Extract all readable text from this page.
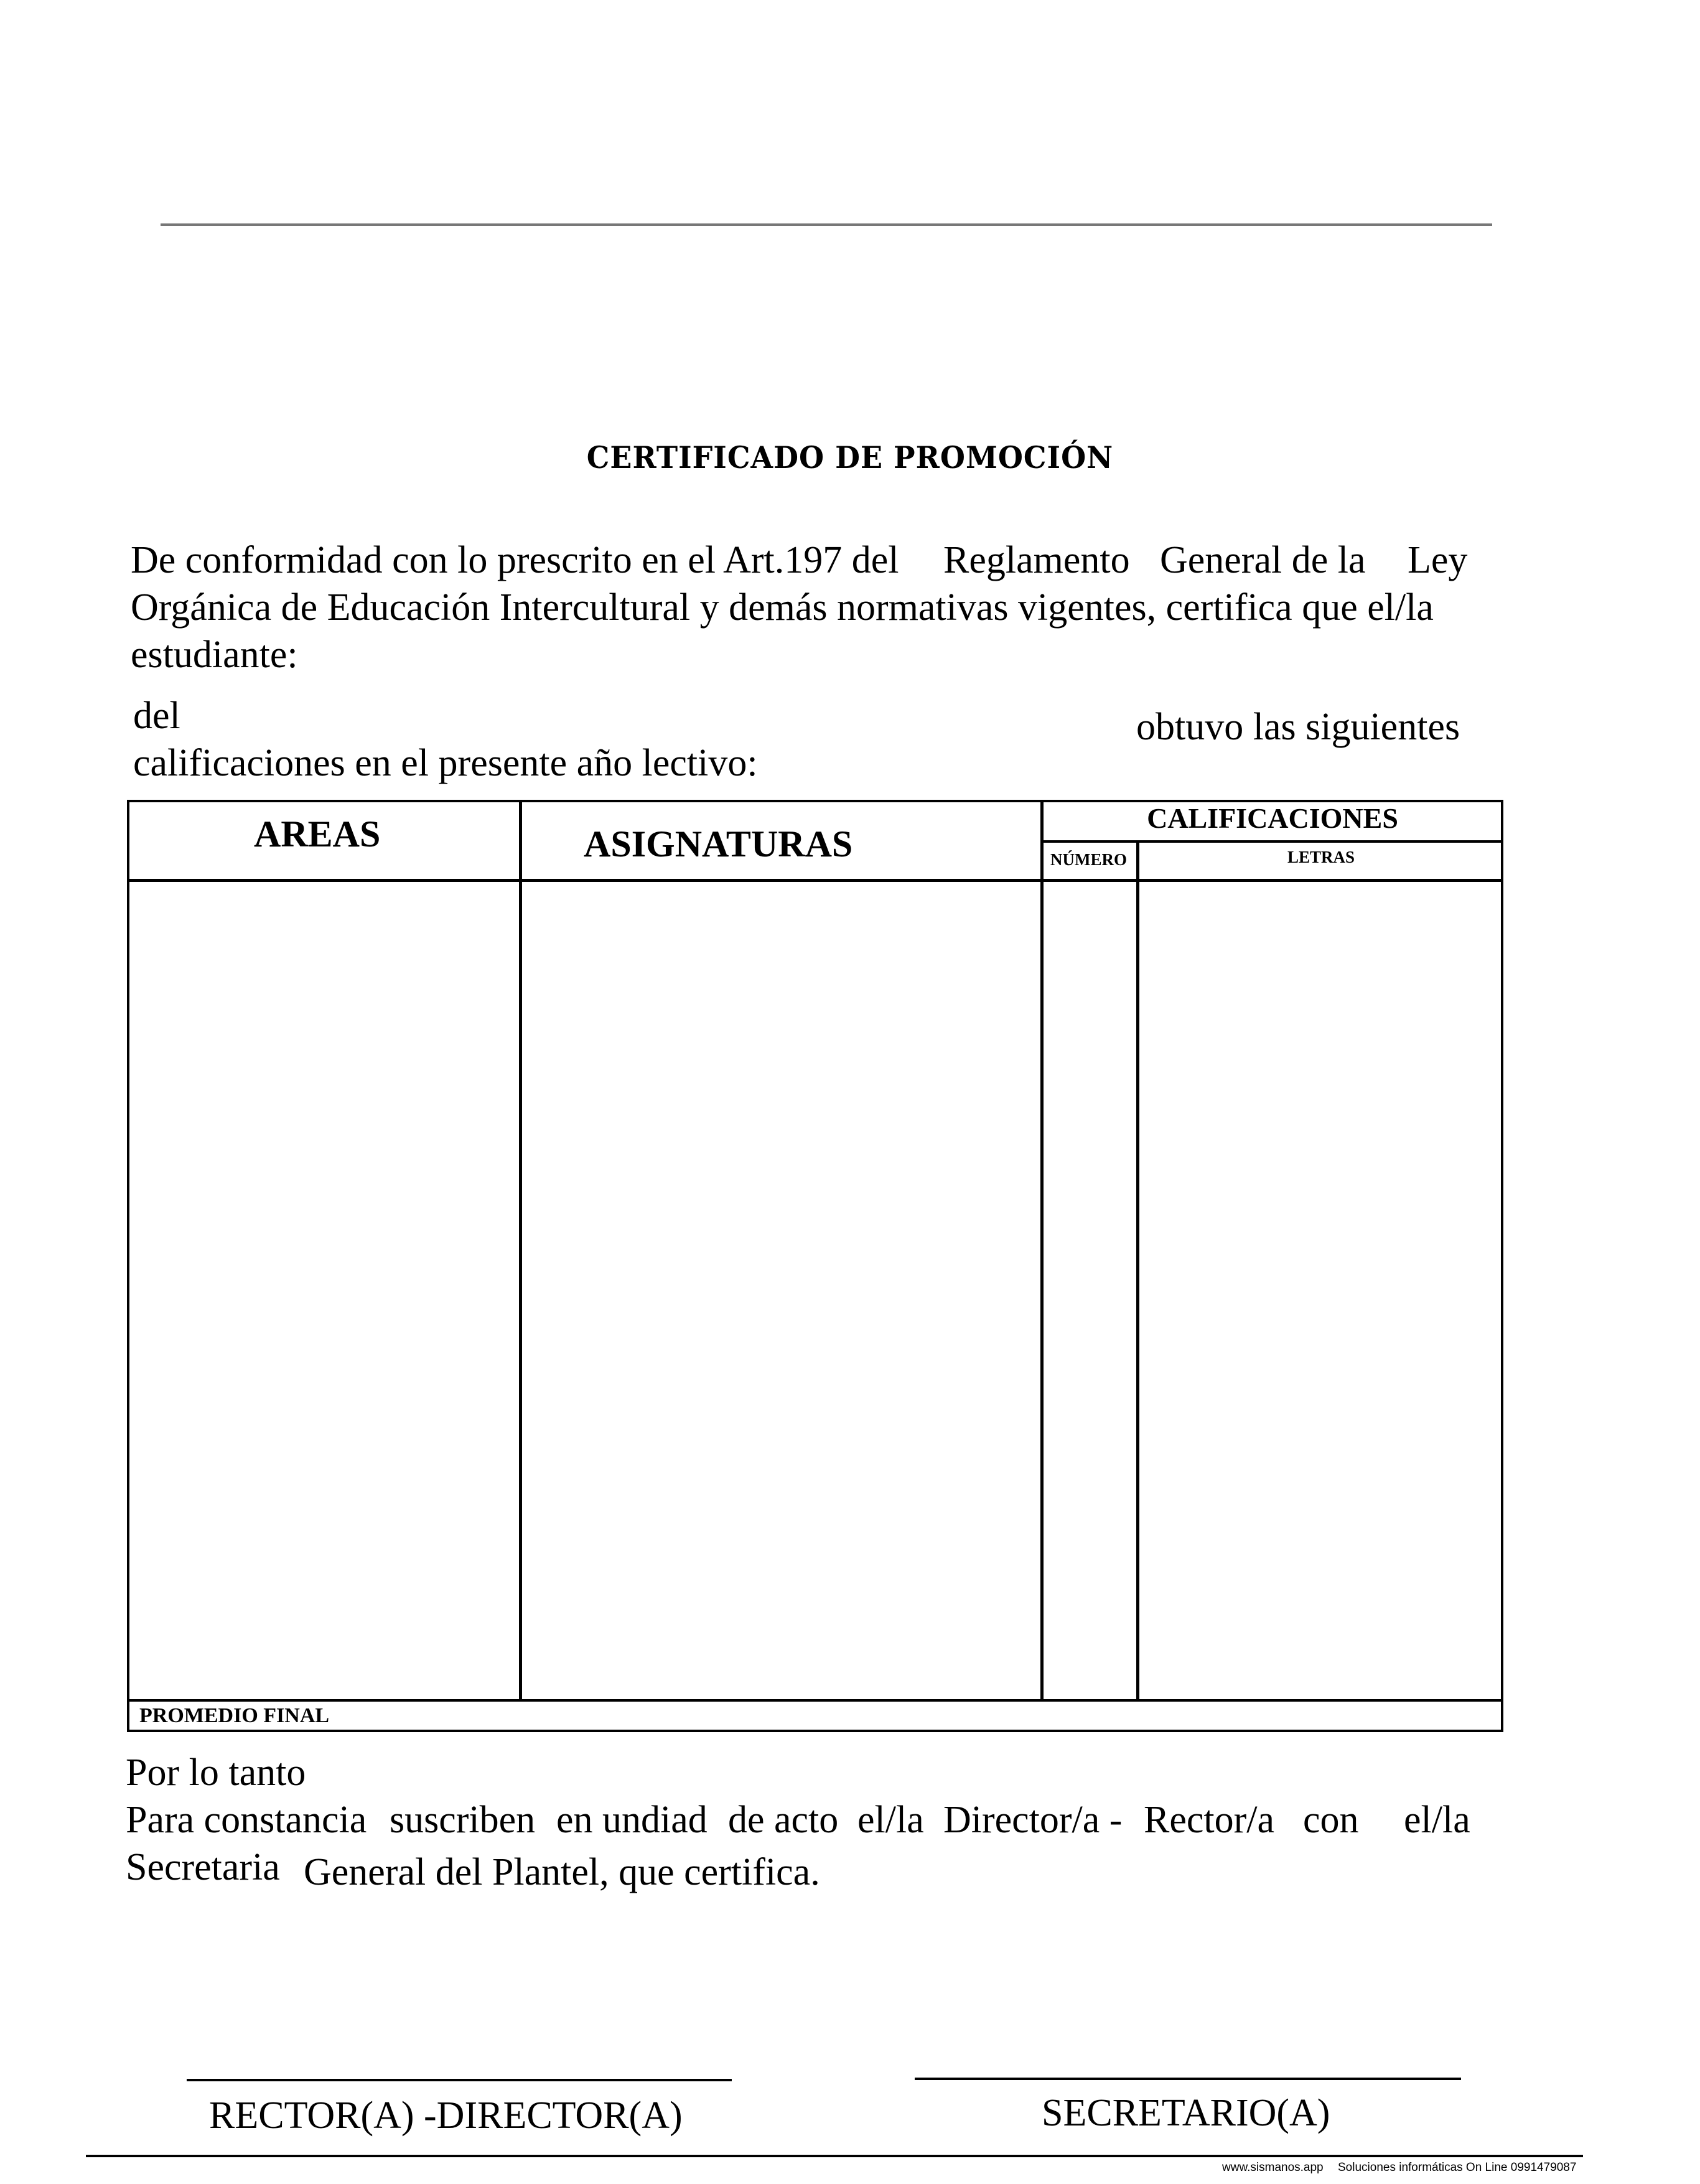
CERTIFICADO DE PROMOCIÓN
De conformidad con lo prescrito en el Art.197 del Reglamento General de la Ley
Orgánica de Educación Intercultural y demás normativas vigentes, certifica que el/la
estudiante:
del	obtuvo las siguientes
calificaciones en el presente año lectivo:
AREAS	ASIGNATURAS
CALIFICACIONES
NÚMERO	LETRAS
PROMEDIO FINAL
Por lo tanto
Para constancia suscriben en undiad de acto el/la Director/a - Rector/a con el/la
Secretaria General del Plantel, que certifica.
RECTOR(A) -DIRECTOR(A)	SECRETARIO(A)
www.sismanos.app Soluciones informáticas On Line 0991479087
